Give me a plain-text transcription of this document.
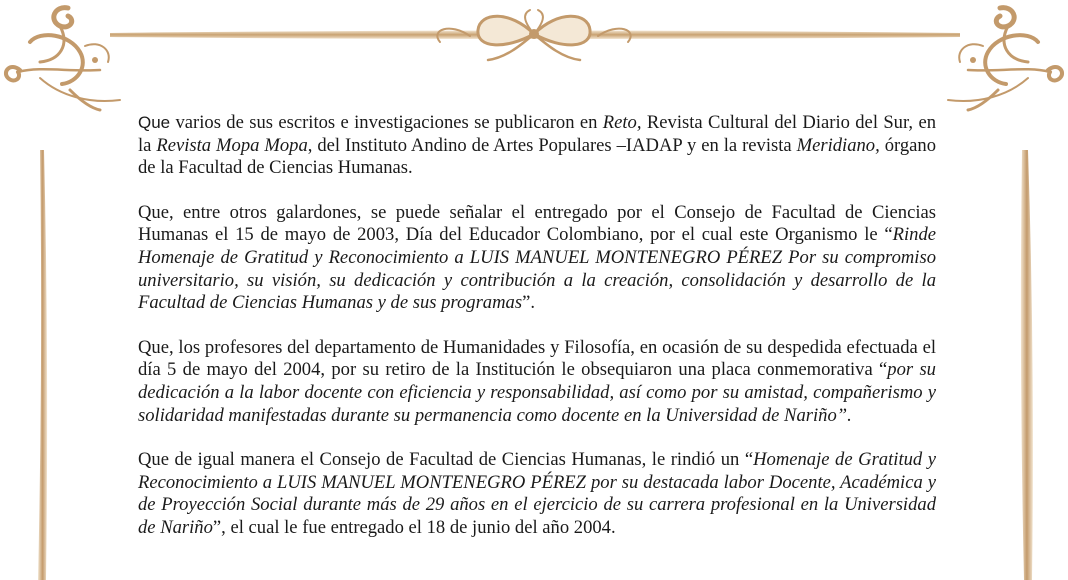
Que varios de sus escritos e investigaciones se publicaron en Reto, Revista Cultural del Diario del Sur, en la Revista Mopa Mopa, del Instituto Andino de Artes Populares –IADAP y en la revista Meridiano, órgano de la Facultad de Ciencias Humanas.

Que, entre otros galardones, se puede señalar el entregado por el Consejo de Facultad de Ciencias Humanas el 15 de mayo de 2003, Día del Educador Colombiano, por el cual este Organismo le “Rinde Homenaje de Gratitud y Reconocimiento a LUIS MANUEL MONTENEGRO PÉREZ Por su compromiso universitario, su visión, su dedicación y contribución a la creación, consolidación y desarrollo de la Facultad de Ciencias Humanas y de sus programas”.

Que, los profesores del departamento de Humanidades y Filosofía, en ocasión de su despedida efectuada el día 5 de mayo del 2004, por su retiro de la Institución le obsequiaron una placa conmemorativa “por su dedicación a la labor docente con eficiencia y responsabilidad, así como por su amistad, compañerismo y solidaridad manifestadas durante su permanencia como docente en la Universidad de Nariño”.

Que de igual manera el Consejo de Facultad de Ciencias Humanas, le rindió un “Homenaje de Gratitud y Reconocimiento a LUIS MANUEL MONTENEGRO PÉREZ por su destacada labor Docente, Académica y de Proyección Social durante más de 29 años en el ejercicio de su carrera profesional en la Universidad de Nariño”, el cual le fue entregado el 18 de junio del año 2004.
